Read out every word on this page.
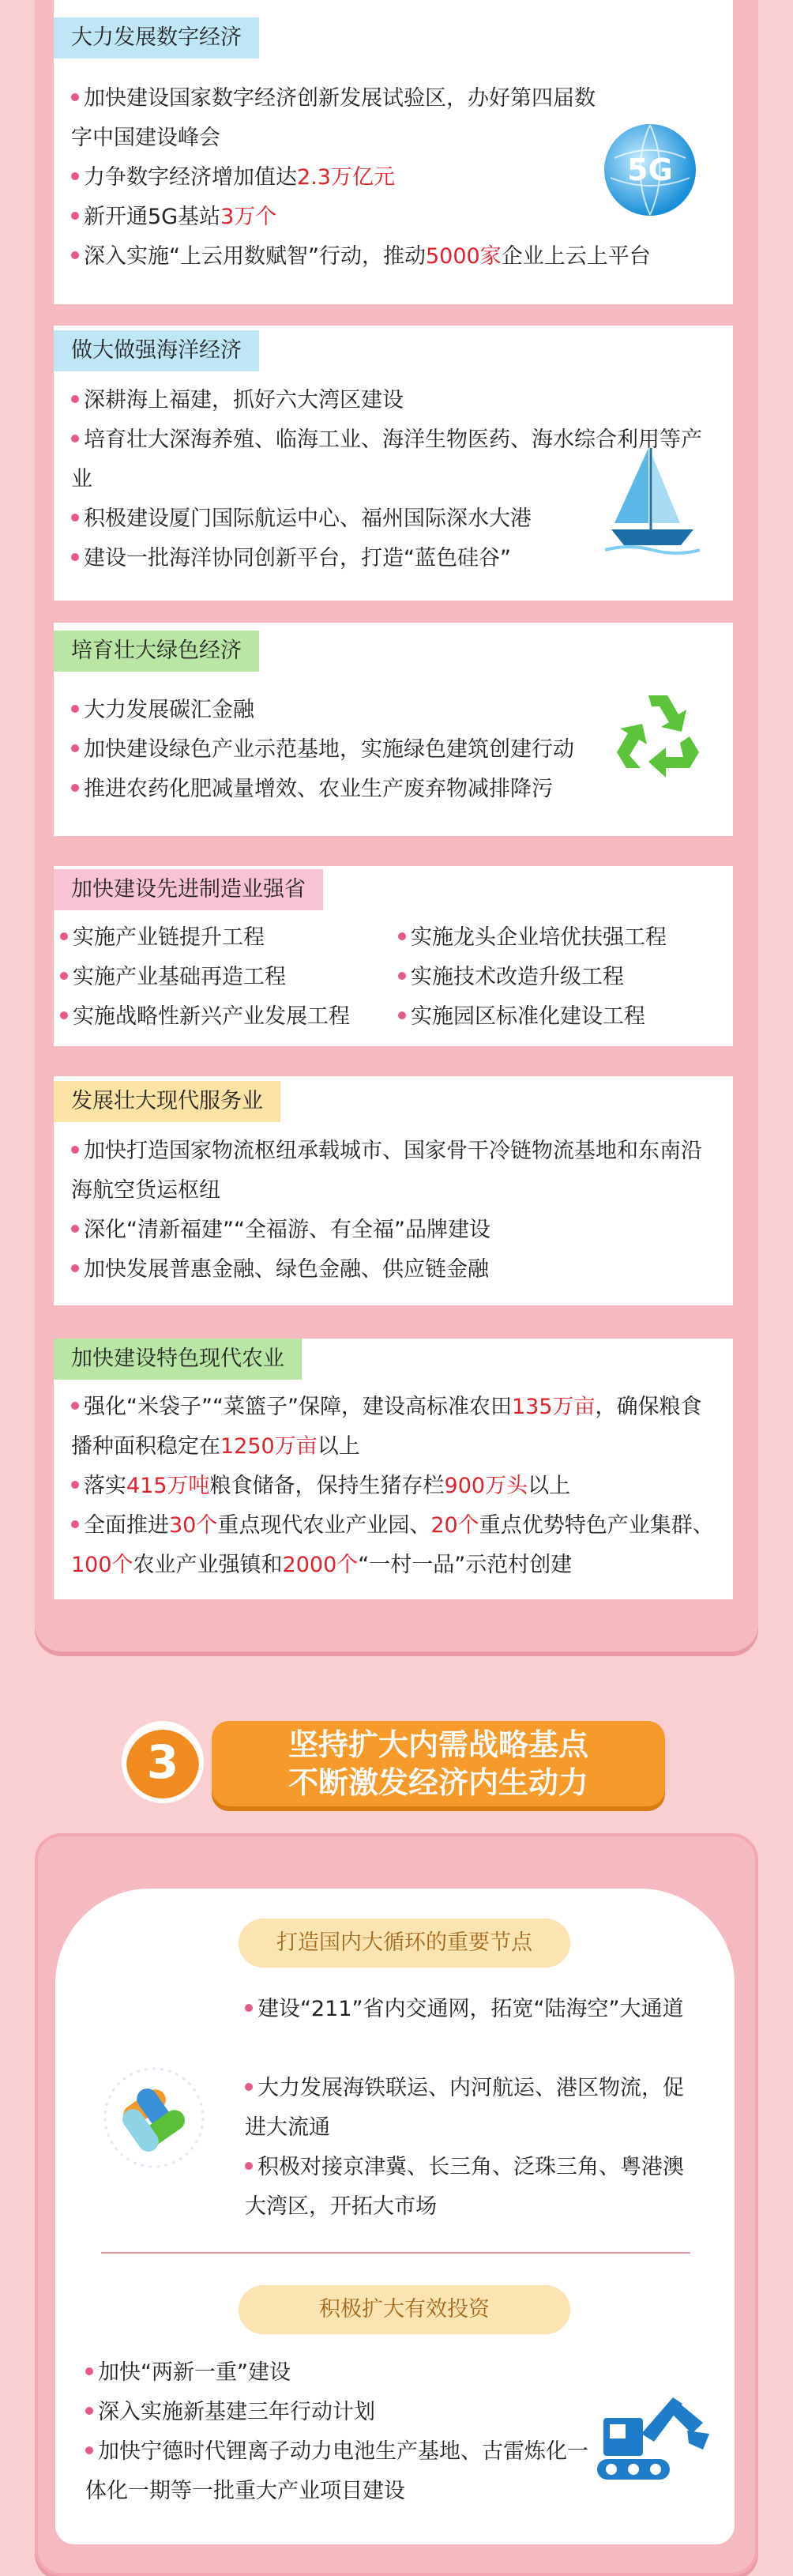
大力发展数字经济
加快建设国家数字经济创新发展试验区，办好第四届数字中国建设峰会
力争数字经济增加值达2.3万亿元
新开通5G基站3万个
深入实施“上云用数赋智”行动，推动5000家企业上云上平台
5G
做大做强海洋经济
深耕海上福建，抓好六大湾区建设
培育壮大深海养殖、临海工业、海洋生物医药、海水综合利用等产业
积极建设厦门国际航运中心、福州国际深水大港
建设一批海洋协同创新平台，打造“蓝色硅谷”
培育壮大绿色经济
大力发展碳汇金融
加快建设绿色产业示范基地，实施绿色建筑创建行动
推进农药化肥减量增效、农业生产废弃物减排降污
加快建设先进制造业强省
实施产业链提升工程
实施产业基础再造工程
实施战略性新兴产业发展工程
实施龙头企业培优扶强工程
实施技术改造升级工程
实施园区标准化建设工程
发展壮大现代服务业
加快打造国家物流枢纽承载城市、国家骨干冷链物流基地和东南沿海航空货运枢纽
深化“清新福建”“全福游、有全福”品牌建设
加快发展普惠金融、绿色金融、供应链金融
加快建设特色现代农业
强化“米袋子”“菜篮子”保障，建设高标准农田135万亩，确保粮食播种面积稳定在1250万亩以上
落实415万吨粮食储备，保持生猪存栏900万头以上
全面推进30个重点现代农业产业园、20个重点优势特色产业集群、100个农业产业强镇和2000个“一村一品”示范村创建
3	坚持扩大内需战略基点
不断激发经济内生动力
打造国内大循环的重要节点
建设“211”省内交通网，拓宽“陆海空”大通道
大力发展海铁联运、内河航运、港区物流，促进大流通
积极对接京津冀、长三角、泛珠三角、粤港澳大湾区，开拓大市场
积极扩大有效投资
加快“两新一重”建设
深入实施新基建三年行动计划
加快宁德时代锂离子动力电池生产基地、古雷炼化一体化一期等一批重大产业项目建设
